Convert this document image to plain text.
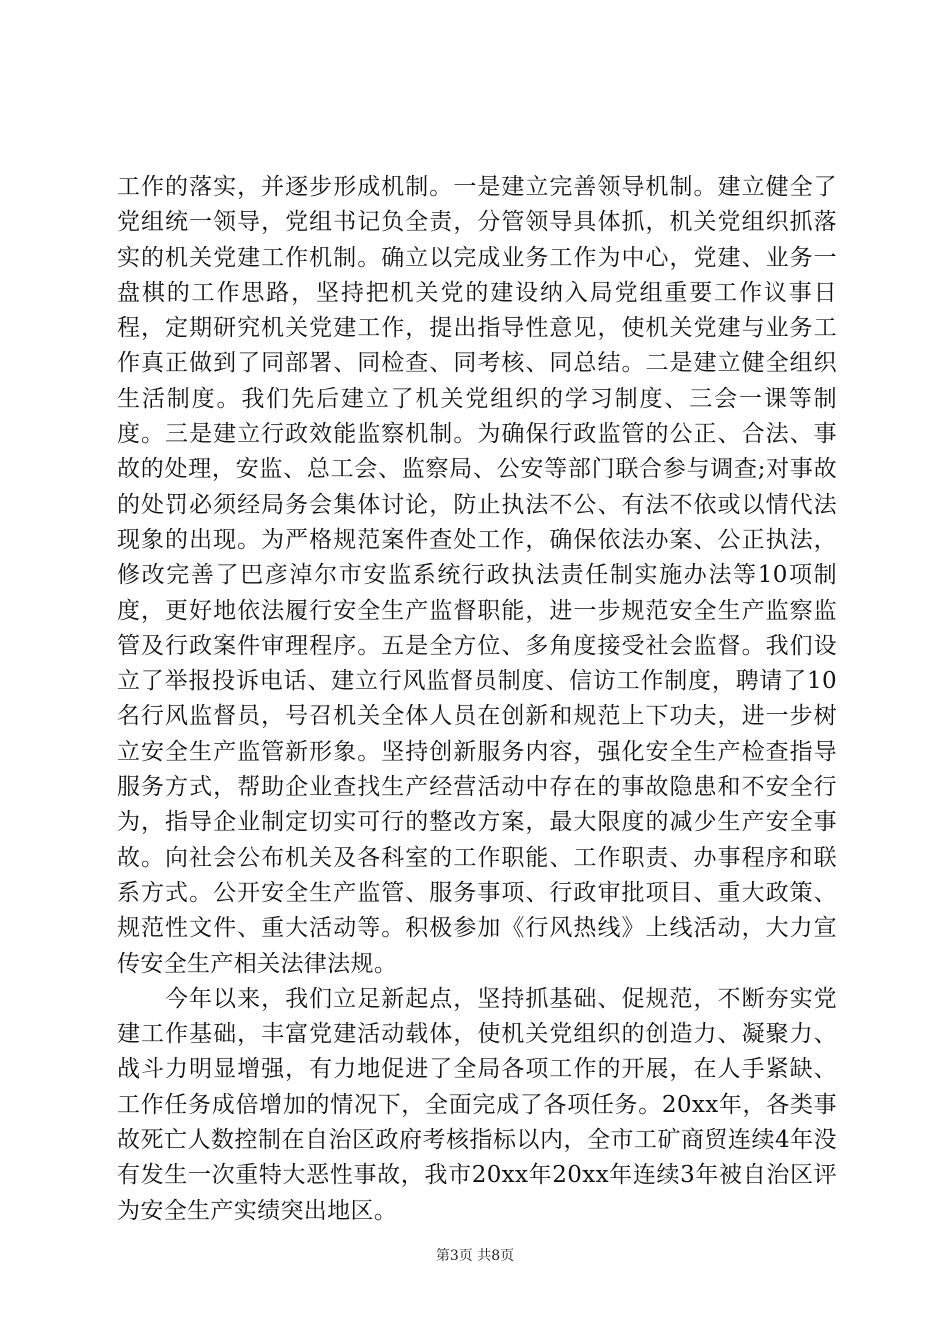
工作的落实，并逐步形成机制。一是建立完善领导机制。建立健全了党组统一领导，党组书记负全责，分管领导具体抓，机关党组织抓落实的机关党建工作机制。确立以完成业务工作为中心，党建、业务一盘棋的工作思路，坚持把机关党的建设纳入局党组重要工作议事日程，定期研究机关党建工作，提出指导性意见，使机关党建与业务工作真正做到了同部署、同检查、同考核、同总结。二是建立健全组织生活制度。我们先后建立了机关党组织的学习制度、三会一课等制度。三是建立行政效能监察机制。为确保行政监管的公正、合法、事故的处理，安监、总工会、监察局、公安等部门联合参与调查;对事故的处罚必须经局务会集体讨论，防止执法不公、有法不依或以情代法现象的出现。为严格规范案件查处工作，确保依法办案、公正执法，修改完善了巴彦淖尔市安监系统行政执法责任制实施办法等10项制度，更好地依法履行安全生产监督职能，进一步规范安全生产监察监管及行政案件审理程序。五是全方位、多角度接受社会监督。我们设立了举报投诉电话、建立行风监督员制度、信访工作制度，聘请了10名行风监督员，号召机关全体人员在创新和规范上下功夫，进一步树立安全生产监管新形象。坚持创新服务内容，强化安全生产检查指导服务方式，帮助企业查找生产经营活动中存在的事故隐患和不安全行为，指导企业制定切实可行的整改方案，最大限度的减少生产安全事故。向社会公布机关及各科室的工作职能、工作职责、办事程序和联系方式。公开安全生产监管、服务事项、行政审批项目、重大政策、规范性文件、重大活动等。积极参加《行风热线》上线活动，大力宣传安全生产相关法律法规。

今年以来，我们立足新起点，坚持抓基础、促规范，不断夯实党建工作基础，丰富党建活动载体，使机关党组织的创造力、凝聚力、战斗力明显增强，有力地促进了全局各项工作的开展，在人手紧缺、工作任务成倍增加的情况下，全面完成了各项任务。20xx年，各类事故死亡人数控制在自治区政府考核指标以内，全市工矿商贸连续4年没有发生一次重特大恶性事故，我市20xx年20xx年连续3年被自治区评为安全生产实绩突出地区。

第3页 共8页
